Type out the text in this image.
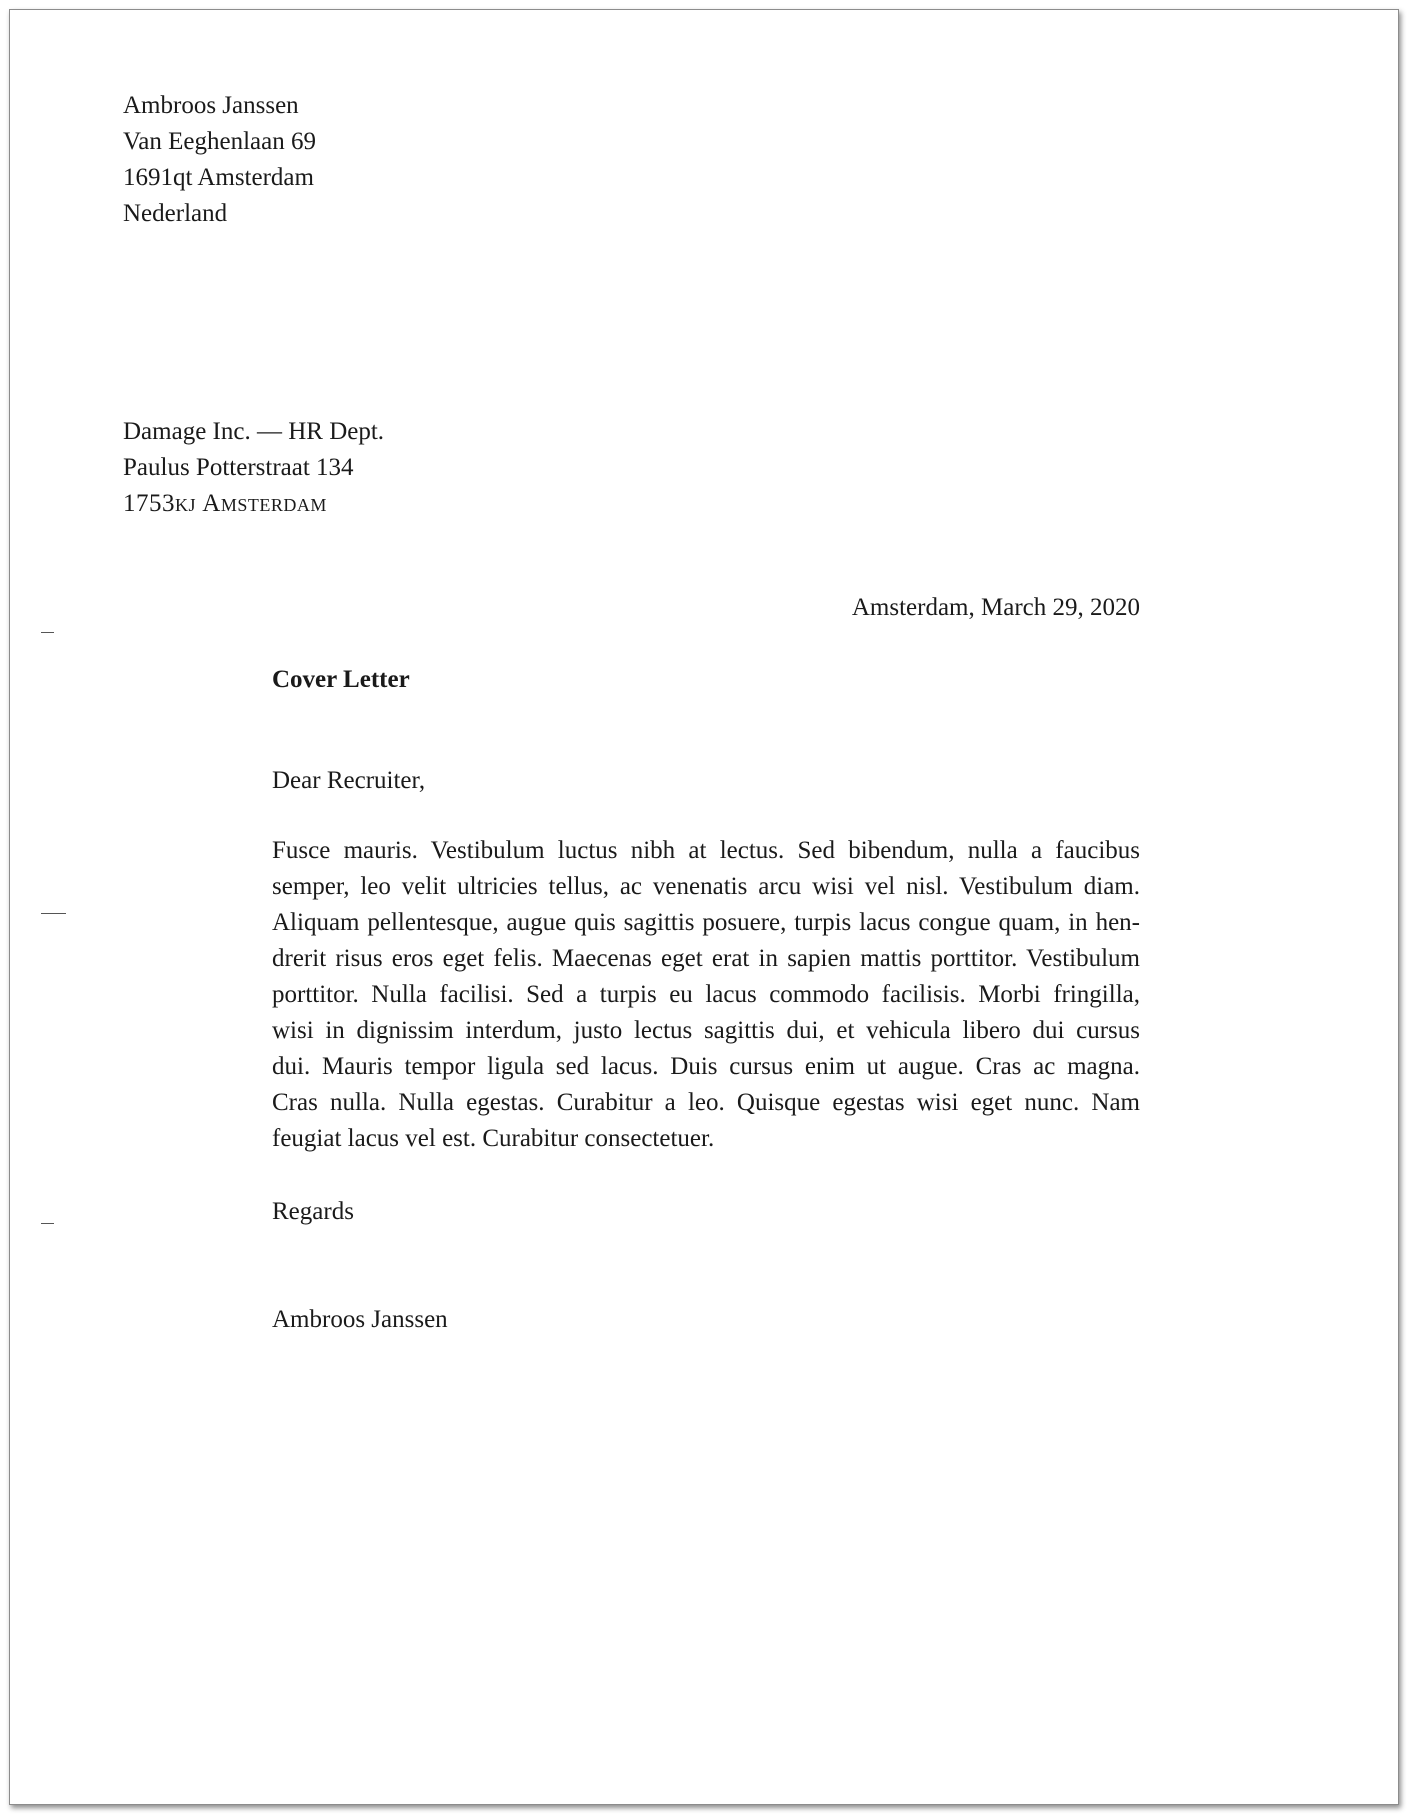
Ambroos Janssen
Van Eeghenlaan 69
1691qt Amsterdam
Nederland
Damage Inc. — HR Dept.
Paulus Potterstraat 134
1753kj Amsterdam
Amsterdam, March 29, 2020
Cover Letter
Dear Recruiter,
Fusce mauris. Vestibulum luctus nibh at lectus. Sed bibendum, nulla a faucibus
semper, leo velit ultricies tellus, ac venenatis arcu wisi vel nisl. Vestibulum diam.
Aliquam pellentesque, augue quis sagittis posuere, turpis lacus congue quam, in hen-
drerit risus eros eget felis. Maecenas eget erat in sapien mattis porttitor. Vestibulum
porttitor. Nulla facilisi. Sed a turpis eu lacus commodo facilisis. Morbi fringilla,
wisi in dignissim interdum, justo lectus sagittis dui, et vehicula libero dui cursus
dui. Mauris tempor ligula sed lacus. Duis cursus enim ut augue. Cras ac magna.
Cras nulla. Nulla egestas. Curabitur a leo. Quisque egestas wisi eget nunc. Nam
feugiat lacus vel est. Curabitur consectetuer.
Regards
Ambroos Janssen
